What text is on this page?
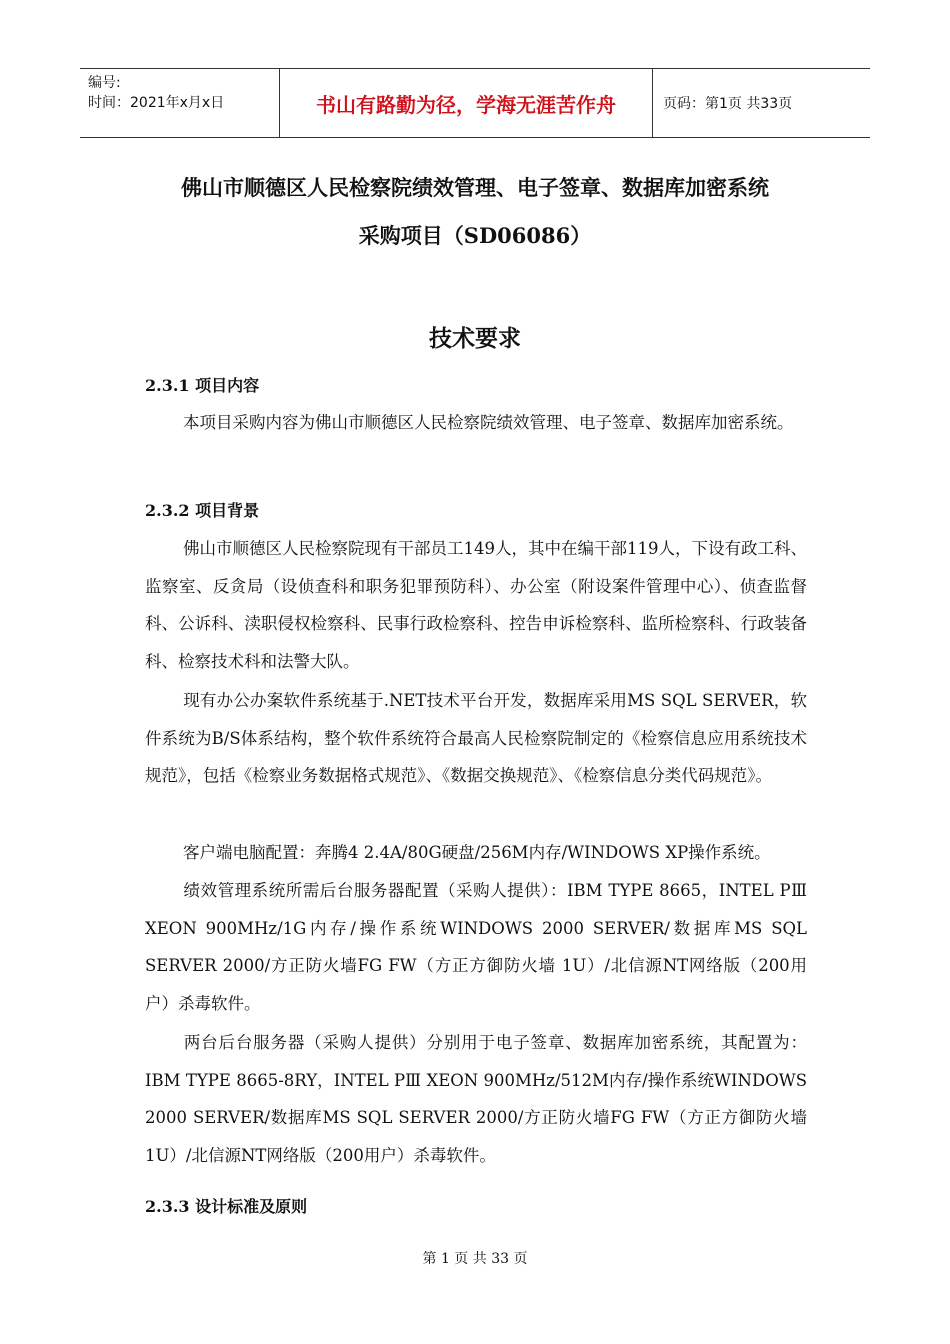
编号:
时间：2021年x月x日	书山有路勤为径，学海无涯苦作舟	页码：第1页 共33页
佛山市顺德区人民检察院绩效管理、电子签章、数据库加密系统
采购项目（SD06086）
技术要求
2.3.1 项目内容
本项目采购内容为佛山市顺德区人民检察院绩效管理、电子签章、数据库加密系统。
2.3.2 项目背景
佛山市顺德区人民检察院现有干部员工149人，其中在编干部119人，下设有政工科、监察室、反贪局（设侦查科和职务犯罪预防科）、办公室（附设案件管理中心）、侦查监督科、公诉科、渎职侵权检察科、民事行政检察科、控告申诉检察科、监所检察科、行政装备科、检察技术科和法警大队。
现有办公办案软件系统基于.NET技术平台开发，数据库采用MS SQL SERVER，软件系统为B/S体系结构，整个软件系统符合最高人民检察院制定的《检察信息应用系统技术规范》，包括《检察业务数据格式规范》、《数据交换规范》、《检察信息分类代码规范》。
客户端电脑配置：奔腾4 2.4A/80G硬盘/256M内存/WINDOWS XP操作系统。
绩效管理系统所需后台服务器配置（采购人提供）：IBM TYPE 8665，INTEL PⅢ XEON 900MHz/1G内存/操作系统WINDOWS 2000 SERVER/数据库MS SQL SERVER 2000/方正防火墙FG FW（方正方御防火墙 1U）/北信源NT网络版（200用户）杀毒软件。
两台后台服务器（采购人提供）分别用于电子签章、数据库加密系统，其配置为：IBM TYPE 8665-8RY，INTEL PⅢ XEON 900MHz/512M内存/操作系统WINDOWS 2000 SERVER/数据库MS SQL SERVER 2000/方正防火墙FG FW（方正方御防火墙 1U）/北信源NT网络版（200用户）杀毒软件。
2.3.3 设计标准及原则
第 1 页 共 33 页
